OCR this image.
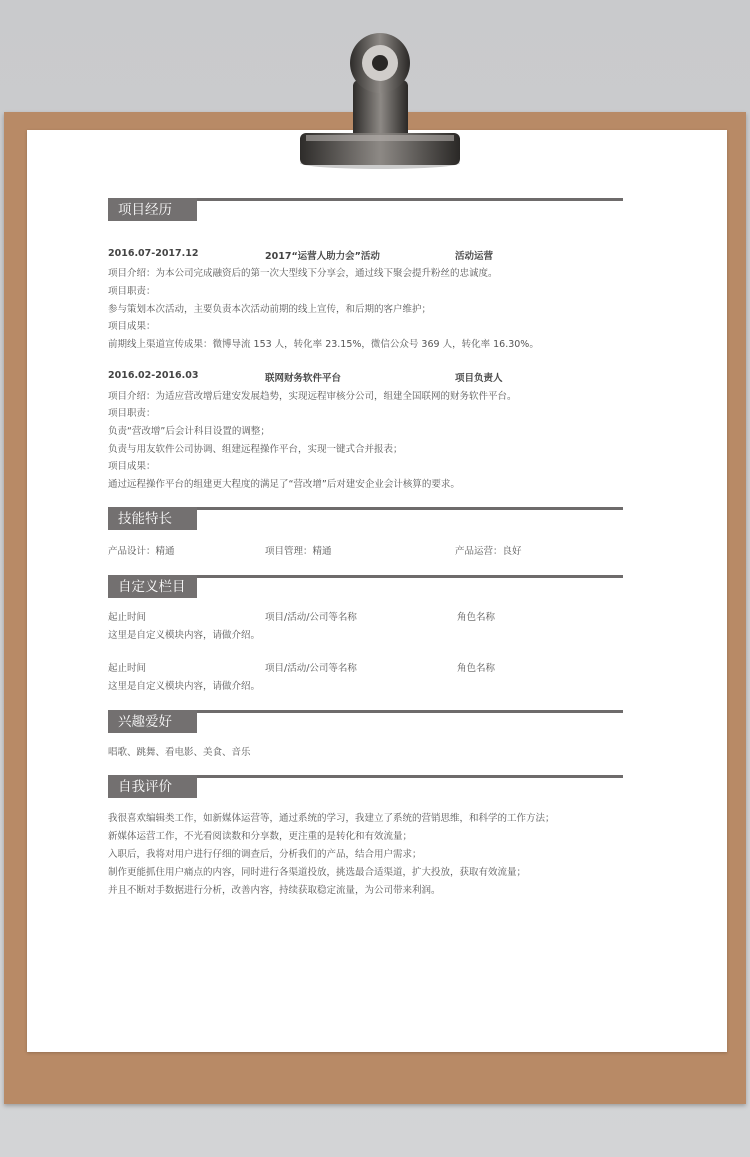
项目经历
2016.07-2017.12	2017“运营人助力会”活动	活动运营
项目介绍：为本公司完成融资后的第一次大型线下分享会，通过线下聚会提升粉丝的忠诚度。
项目职责：
参与策划本次活动，主要负责本次活动前期的线上宣传，和后期的客户维护；
项目成果：
前期线上渠道宣传成果：微博导流 153 人，转化率 23.15%，微信公众号 369 人，转化率 16.30%。
2016.02-2016.03	联网财务软件平台	项目负责人
项目介绍：为适应营改增后建安发展趋势，实现远程审核分公司，组建全国联网的财务软件平台。
项目职责：
负责“营改增”后会计科目设置的调整；
负责与用友软件公司协调、组建远程操作平台，实现一键式合并报表；
项目成果：
通过远程操作平台的组建更大程度的满足了“营改增”后对建安企业会计核算的要求。
技能特长
产品设计：精通	项目管理：精通	产品运营：良好
自定义栏目
起止时间	项目/活动/公司等名称	角色名称
这里是自定义模块内容，请做介绍。
起止时间	项目/活动/公司等名称	角色名称
这里是自定义模块内容，请做介绍。
兴趣爱好
唱歌、跳舞、看电影、美食、音乐
自我评价
我很喜欢编辑类工作，如新媒体运营等，通过系统的学习，我建立了系统的营销思维，和科学的工作方法；
新媒体运营工作，不光看阅读数和分享数，更注重的是转化和有效流量；
入职后，我将对用户进行仔细的调查后，分析我们的产品，结合用户需求；
制作更能抓住用户痛点的内容，同时进行各渠道投放，挑选最合适渠道，扩大投放，获取有效流量；
并且不断对手数据进行分析，改善内容，持续获取稳定流量，为公司带来利润。
